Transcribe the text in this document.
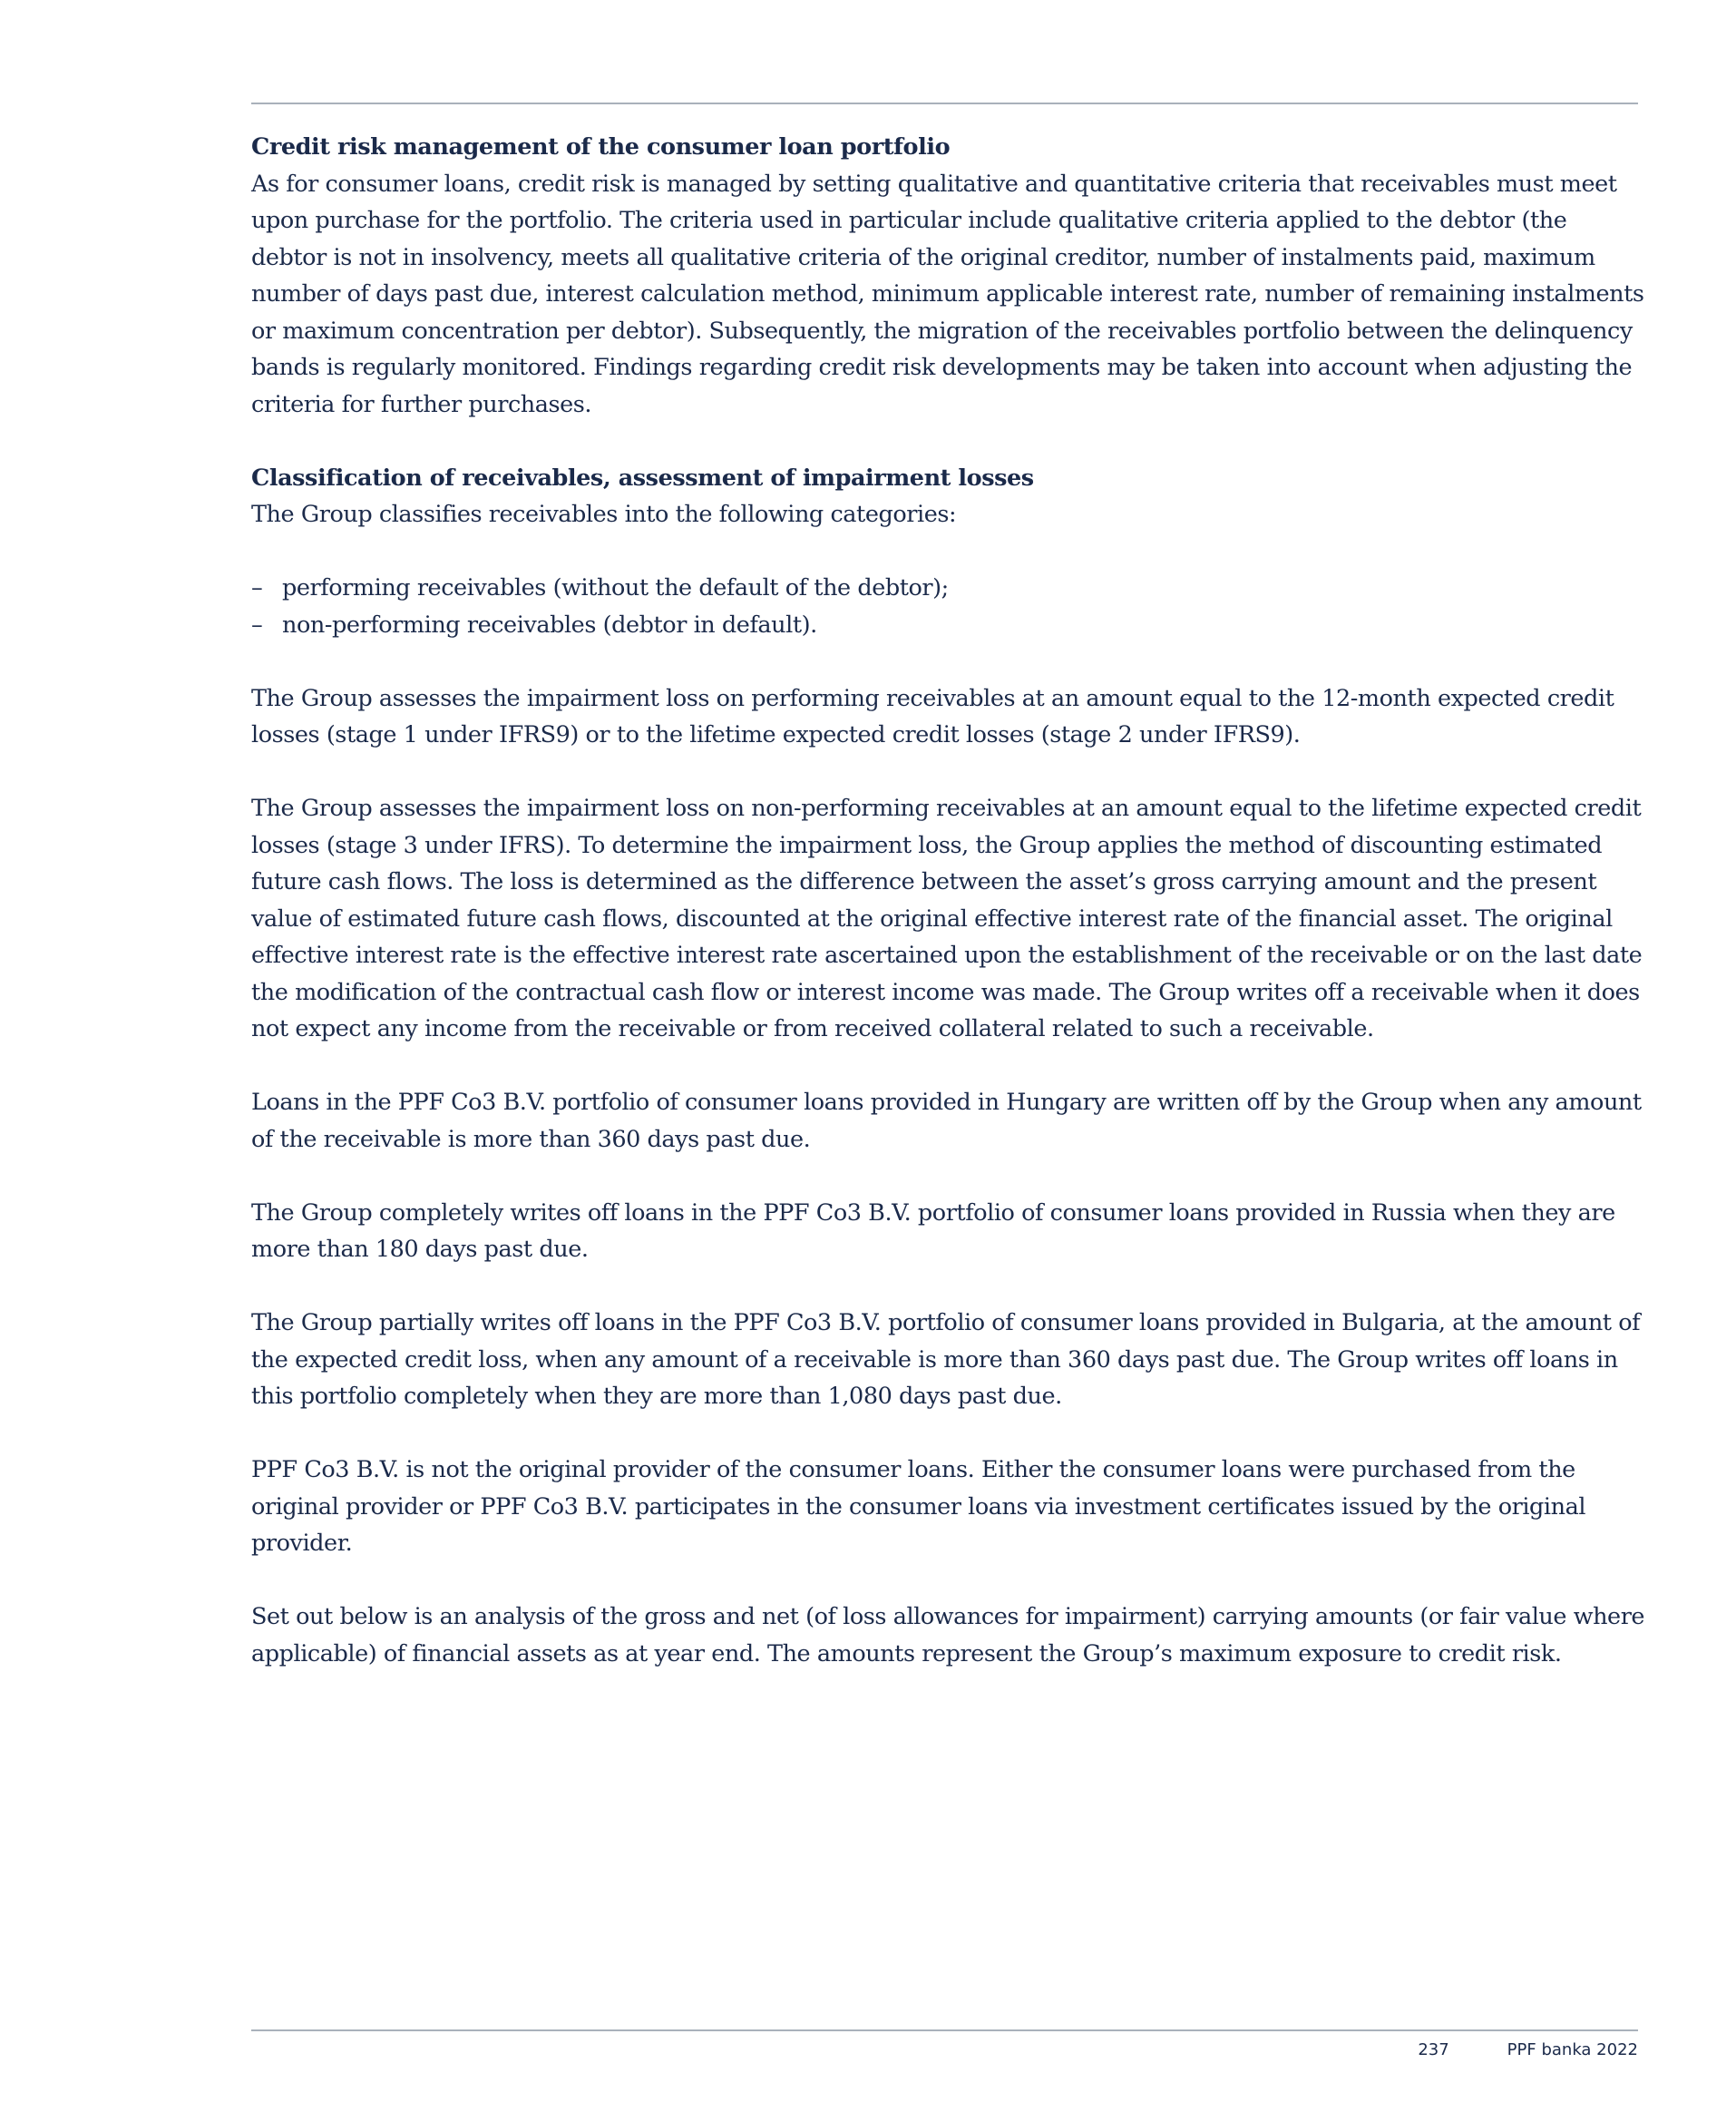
Credit risk management of the consumer loan portfolio

As for consumer loans, credit risk is managed by setting qualitative and quantitative criteria that receivables must meet upon purchase for the portfolio. The criteria used in particular include qualitative criteria applied to the debtor (the debtor is not in insolvency, meets all qualitative criteria of the original creditor, number of instalments paid, maximum number of days past due, interest calculation method, minimum applicable interest rate, number of remaining instalments or maximum concentration per debtor). Subsequently, the migration of the receivables portfolio between the delinquency bands is regularly monitored. Findings regarding credit risk developments may be taken into account when adjusting the criteria for further purchases.

Classification of receivables, assessment of impairment losses

The Group classifies receivables into the following categories:

– performing receivables (without the default of the debtor);
– non-performing receivables (debtor in default).

The Group assesses the impairment loss on performing receivables at an amount equal to the 12-month expected credit losses (stage 1 under IFRS9) or to the lifetime expected credit losses (stage 2 under IFRS9).

The Group assesses the impairment loss on non-performing receivables at an amount equal to the lifetime expected credit losses (stage 3 under IFRS). To determine the impairment loss, the Group applies the method of discounting estimated future cash flows. The loss is determined as the difference between the asset’s gross carrying amount and the present value of estimated future cash flows, discounted at the original effective interest rate of the financial asset. The original effective interest rate is the effective interest rate ascertained upon the establishment of the receivable or on the last date the modification of the contractual cash flow or interest income was made. The Group writes off a receivable when it does not expect any income from the receivable or from received collateral related to such a receivable.

Loans in the PPF Co3 B.V. portfolio of consumer loans provided in Hungary are written off by the Group when any amount of the receivable is more than 360 days past due.

The Group completely writes off loans in the PPF Co3 B.V. portfolio of consumer loans provided in Russia when they are more than 180 days past due.

The Group partially writes off loans in the PPF Co3 B.V. portfolio of consumer loans provided in Bulgaria, at the amount of the expected credit loss, when any amount of a receivable is more than 360 days past due. The Group writes off loans in this portfolio completely when they are more than 1,080 days past due.

PPF Co3 B.V. is not the original provider of the consumer loans. Either the consumer loans were purchased from the original provider or PPF Co3 B.V. participates in the consumer loans via investment certificates issued by the original provider.

Set out below is an analysis of the gross and net (of loss allowances for impairment) carrying amounts (or fair value where applicable) of financial assets as at year end. The amounts represent the Group’s maximum exposure to credit risk.

237	PPF banka 2022
